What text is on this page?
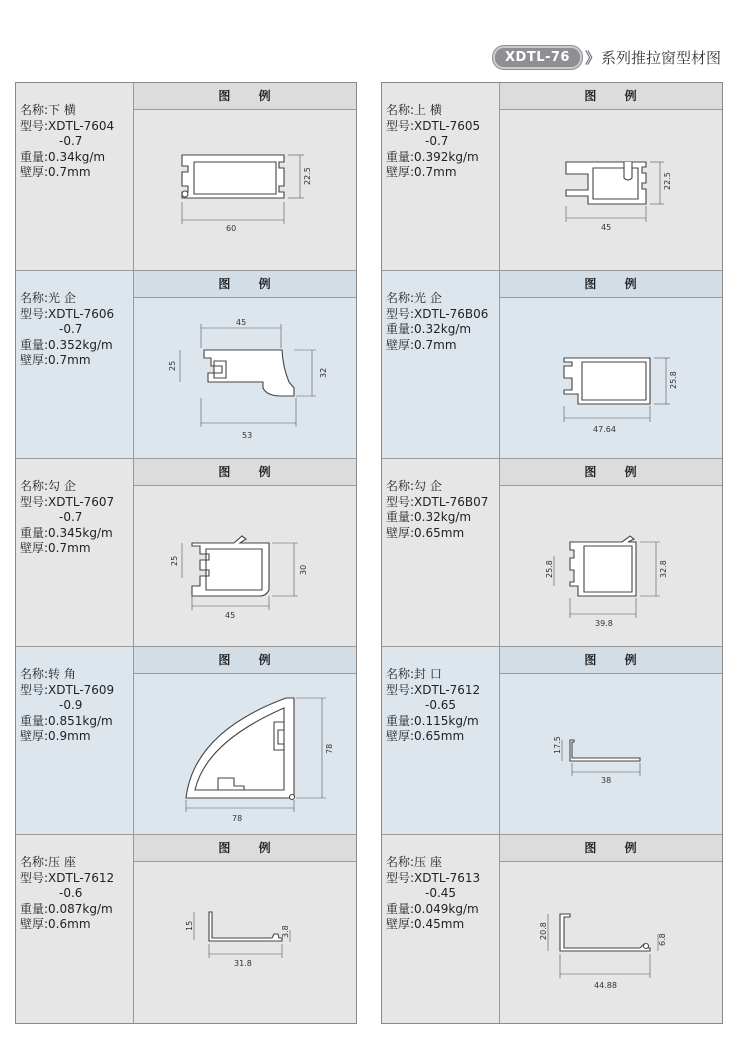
XDTL-76	》 系列推拉窗型材图
名称:下 横
型号:XDTL-7604
-0.7
重量:0.34kg/m
壁厚:0.7mm
图 例
60
22.5
名称:光 企
型号:XDTL-7606
-0.7
重量:0.352kg/m
壁厚:0.7mm
图 例
45
25
32
53
名称:勾 企
型号:XDTL-7607
-0.7
重量:0.345kg/m
壁厚:0.7mm
图 例
25
30
45
名称:转 角
型号:XDTL-7609
-0.9
重量:0.851kg/m
壁厚:0.9mm
图 例
78
78
名称:压 座
型号:XDTL-7612
-0.6
重量:0.087kg/m
壁厚:0.6mm
图 例
15	3.8
31.8
名称:上 横
型号:XDTL-7605
-0.7
重量:0.392kg/m
壁厚:0.7mm
图 例
45
22.5
名称:光 企
型号:XDTL-76B06
重量:0.32kg/m
壁厚:0.7mm
图 例
47.64
25.8
名称:勾 企
型号:XDTL-76B07
重量:0.32kg/m
壁厚:0.65mm
图 例
25.8	32.8
39.8
名称:封 口
型号:XDTL-7612
-0.65
重量:0.115kg/m
壁厚:0.65mm
图 例
17.5
38
名称:压 座
型号:XDTL-7613
-0.45
重量:0.049kg/m
壁厚:0.45mm
图 例
20.8	6.8
44.88
